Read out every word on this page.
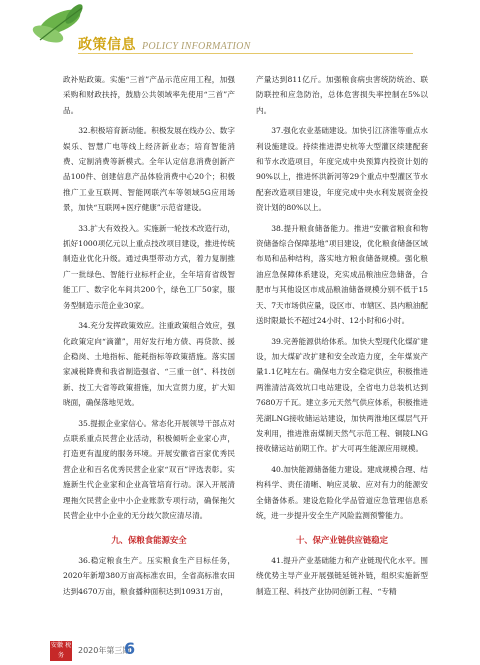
政策信息 POLICY INFORMATION

政补贴政策。实施“三首”产品示范应用工程，加强采购和财政扶持，鼓励公共领域率先使用“三首”产品。

32.积极培育新动能。积极发展在线办公、数字娱乐、智慧广电等线上经济新业态；培育智能消费、定制消费等新模式。全年认定信息消费创新产品100件、创建信息产品体验消费中心20个；积极推广工业互联网、智能网联汽车等领域5G应用场景，加快“互联网+医疗健康”示范省建设。

33.扩大有效投入。实施新一轮技术改造行动，抓好1000项亿元以上重点技改项目建设，推进传统制造业优化升级。通过典型带动方式，着力复制推广一批绿色、智能行业标杆企业，全年培育省级智能工厂、数字化车间共200个，绿色工厂50家，服务型制造示范企业30家。

34.充分发挥政策效应。注重政策组合效应，强化政策定向“滴灌”，用好发行地方债、再贷款、援企稳岗、土地指标、能耗指标等政策措施。落实国家减税降费和我省制造强省、“三重一创”、科技创新、技工大省等政策措施，加大宣贯力度，扩大知晓面，确保落地见效。

35.提振企业家信心。常态化开展领导干部点对点联系重点民营企业活动，积极倾听企业家心声，打造更有温度的服务环境。开展安徽省百家优秀民营企业和百名优秀民营企业家“双百”评选表彰。实施新生代企业家和企业高管培育行动。深入开展清理拖欠民营企业中小企业账款专项行动，确保拖欠民营企业中小企业的无分歧欠款应清尽清。

九、保粮食能源安全

36.稳定粮食生产。压实粮食生产目标任务，2020年新增380万亩高标准农田，全省高标准农田达到4670万亩，粮食播种面积达到10931万亩，

产量达到811亿斤。加强粮食病虫害统防统治、联防联控和应急防治，总体危害损失率控制在5%以内。

37.强化农业基础建设。加快引江济淮等重点水利设施建设。持续推进淠史杭等大型灌区续建配套和节水改造项目，年度完成中央预算内投资计划的90%以上，推进怀洪新河等29个重点中型灌区节水配套改造项目建设，年度完成中央水利发展资金投资计划的80%以上。

38.提升粮食储备能力。推进“安徽省粮食和物资储备综合保障基地”项目建设，优化粮食储备区域布局和品种结构，落实地方粮食储备规模。强化粮油应急保障体系建设，充实成品粮油应急储备，合肥市与其他设区市成品粮油储备规模分别不低于15天、7天市场供应量，设区市、市辖区、县内粮油配送时限最长不超过24小时、12小时和6小时。

39.完善能源供给体系。加快大型现代化煤矿建设，加大煤矿改扩建和安全改造力度，全年煤炭产量1.1亿吨左右。确保电力安全稳定供应，积极推进两淮清洁高效坑口电站建设，全省电力总装机达到7680万千瓦。建立多元天然气供应体系，积极推进芜湖LNG接收储运站建设，加快两淮地区煤层气开发利用，推进淮南煤制天然气示范工程、铜陵LNG接收储运站前期工作。扩大可再生能源应用规模。

40.加快能源储备能力建设。建成规模合理、结构科学、责任清晰、响应灵敏、应对有力的能源安全储备体系。建设危险化学品管道应急管理信息系统，进一步提升安全生产风险监测预警能力。

十、保产业链供应链稳定

41.提升产业基础能力和产业链现代化水平。围绕优势主导产业开展强链延链补链，组织实施新型制造工程、科技产业协同创新工程、“专精

安徽 税 务
2020年第三期
6
